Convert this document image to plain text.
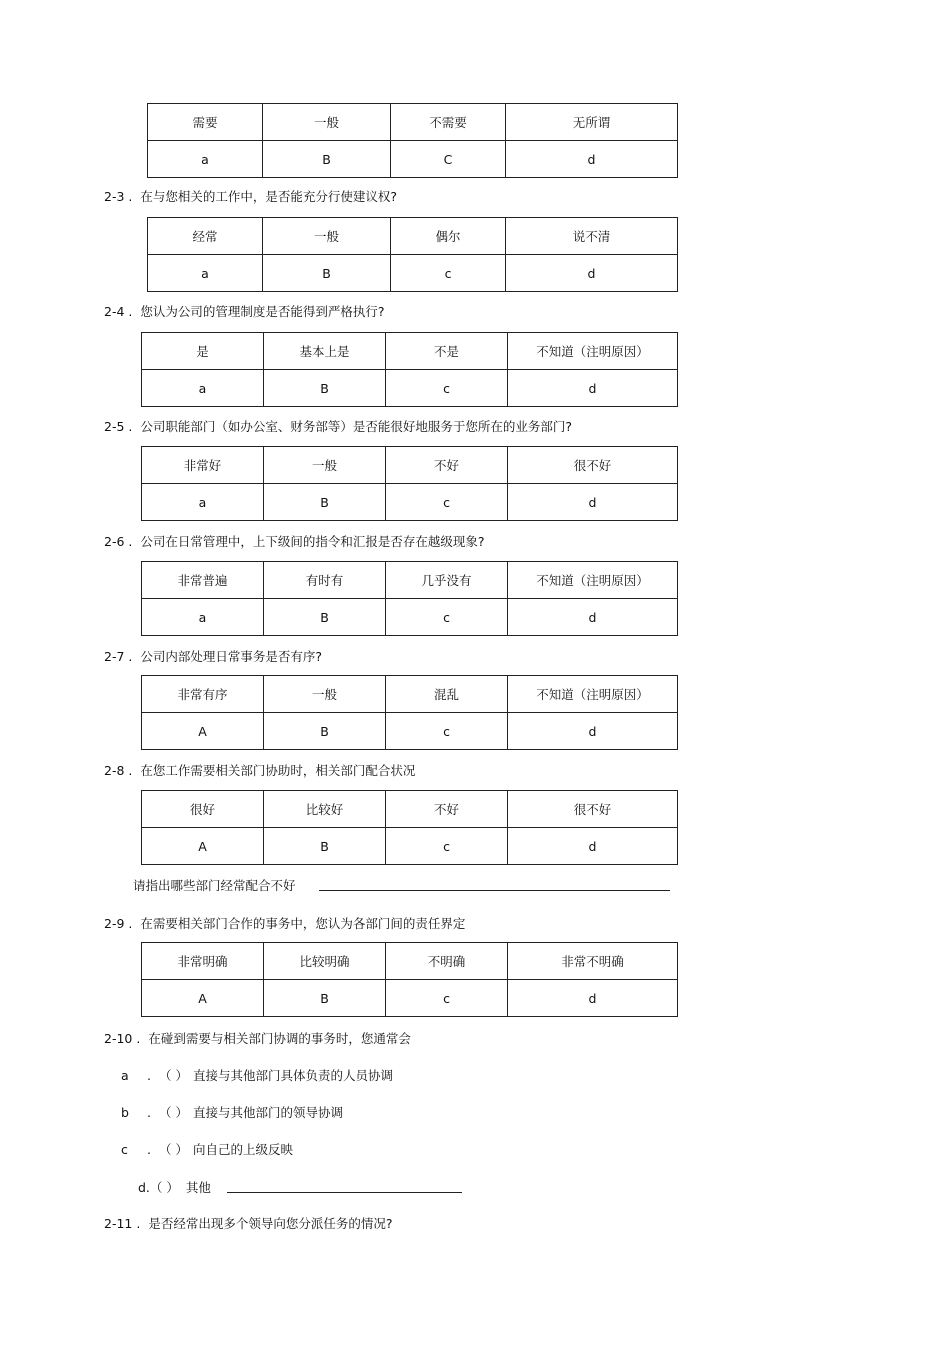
需要	一般	不需要	无所谓
a	B	C	d
2-3 . 在与您相关的工作中，是否能充分行使建议权?
经常	一般	偶尔	说不清
a	B	c	d
2-4 . 您认为公司的管理制度是否能得到严格执行?
是	基本上是	不是	不知道（注明原因）
a	B	c	d
2-5 . 公司职能部门（如办公室、财务部等）是否能很好地服务于您所在的业务部门?
非常好	一般	不好	很不好
a	B	c	d
2-6 . 公司在日常管理中，上下级间的指令和汇报是否存在越级现象?
非常普遍	有时有	几乎没有	不知道（注明原因）
a	B	c	d
2-7 . 公司内部处理日常事务是否有序?
非常有序	一般	混乱	不知道（注明原因）
A	B	c	d
2-8 . 在您工作需要相关部门协助时，相关部门配合状况
很好	比较好	不好	很不好
A	B	c	d
请指出哪些部门经常配合不好
2-9 . 在需要相关部门合作的事务中，您认为各部门间的责任界定
非常明确	比较明确	不明确	非常不明确
A	B	c	d
2-10 . 在碰到需要与相关部门协调的事务时，您通常会
a . （ ） 直接与其他部门具体负责的人员协调
b . （ ） 直接与其他部门的领导协调
c . （ ） 向自己的上级反映
d.（ ） 其他
2-11 . 是否经常出现多个领导向您分派任务的情况?
